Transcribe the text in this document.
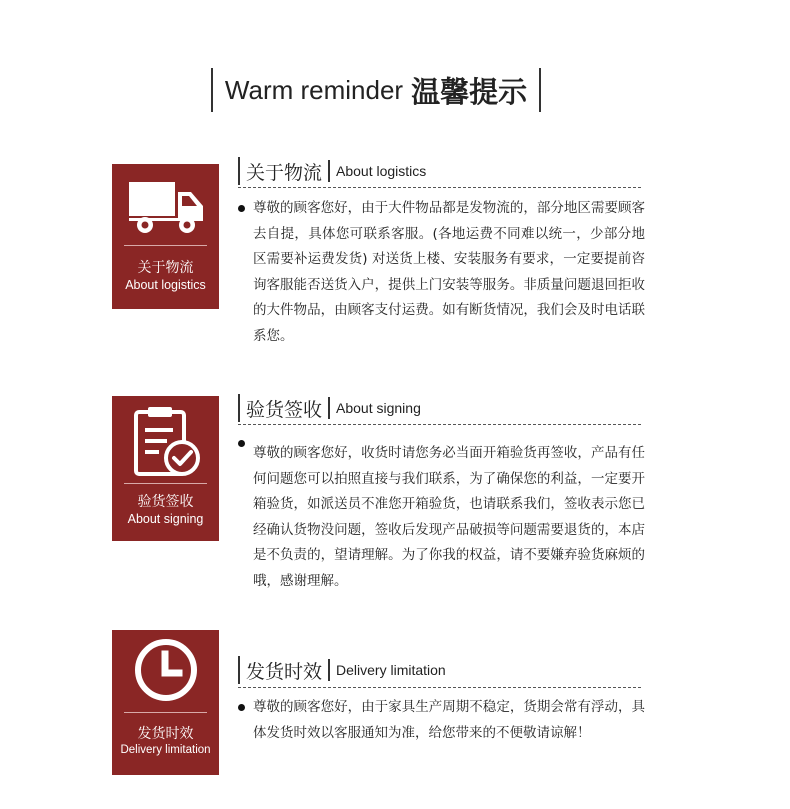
Warm reminder 温馨提示
关于物流
About logistics
关于物流 About logistics
尊敬的顾客您好，由于大件物品都是发物流的，部分地区需要顾客去自提，具体您可联系客服。(各地运费不同难以统一，少部分地区需要补运费发货) 对送货上楼、安装服务有要求，一定要提前咨询客服能否送货入户，提供上门安装等服务。非质量问题退回拒收的大件物品，由顾客支付运费。如有断货情况，我们会及时电话联系您。
验货签收
About signing
验货签收 About signing
尊敬的顾客您好，收货时请您务必当面开箱验货再签收，产品有任何问题您可以拍照直接与我们联系，为了确保您的利益，一定要开箱验货，如派送员不准您开箱验货，也请联系我们，签收表示您已经确认货物没问题，签收后发现产品破损等问题需要退货的，本店是不负责的，望请理解。为了你我的权益，请不要嫌弃验货麻烦的哦，感谢理解。
发货时效
Delivery limitation
发货时效 Delivery limitation
尊敬的顾客您好，由于家具生产周期不稳定，货期会常有浮动，具体发货时效以客服通知为准，给您带来的不便敬请谅解！
